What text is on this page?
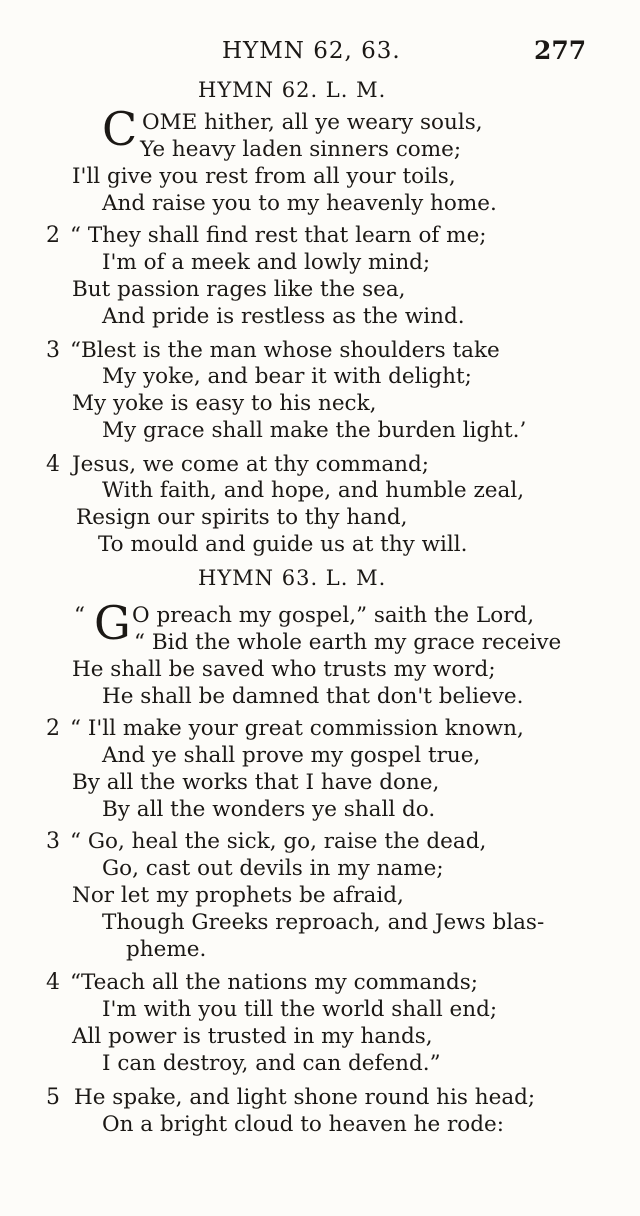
HYMN 62, 63.	277
HYMN 62. L. M.
C OME hither, all ye weary souls,
Ye heavy laden sinners come;
I'll give you rest from all your toils,
And raise you to my heavenly home.
2 “ They shall find rest that learn of me;
I'm of a meek and lowly mind;
But passion rages like the sea,
And pride is restless as the wind.
3 “Blest is the man whose shoulders take
My yoke, and bear it with delight;
My yoke is easy to his neck,
My grace shall make the burden light.’
4 Jesus, we come at thy command;
With faith, and hope, and humble zeal,
Resign our spirits to thy hand,
To mould and guide us at thy will.
HYMN 63. L. M.
“ G O preach my gospel,” saith the Lord,
“ Bid the whole earth my grace receive
He shall be saved who trusts my word;
He shall be damned that don't believe.
2 “ I'll make your great commission known,
And ye shall prove my gospel true,
By all the works that I have done,
By all the wonders ye shall do.
3 “ Go, heal the sick, go, raise the dead,
Go, cast out devils in my name;
Nor let my prophets be afraid,
Though Greeks reproach, and Jews blas-
pheme.
4 “Teach all the nations my commands;
I'm with you till the world shall end;
All power is trusted in my hands,
I can destroy, and can defend.”
5 He spake, and light shone round his head;
On a bright cloud to heaven he rode:
